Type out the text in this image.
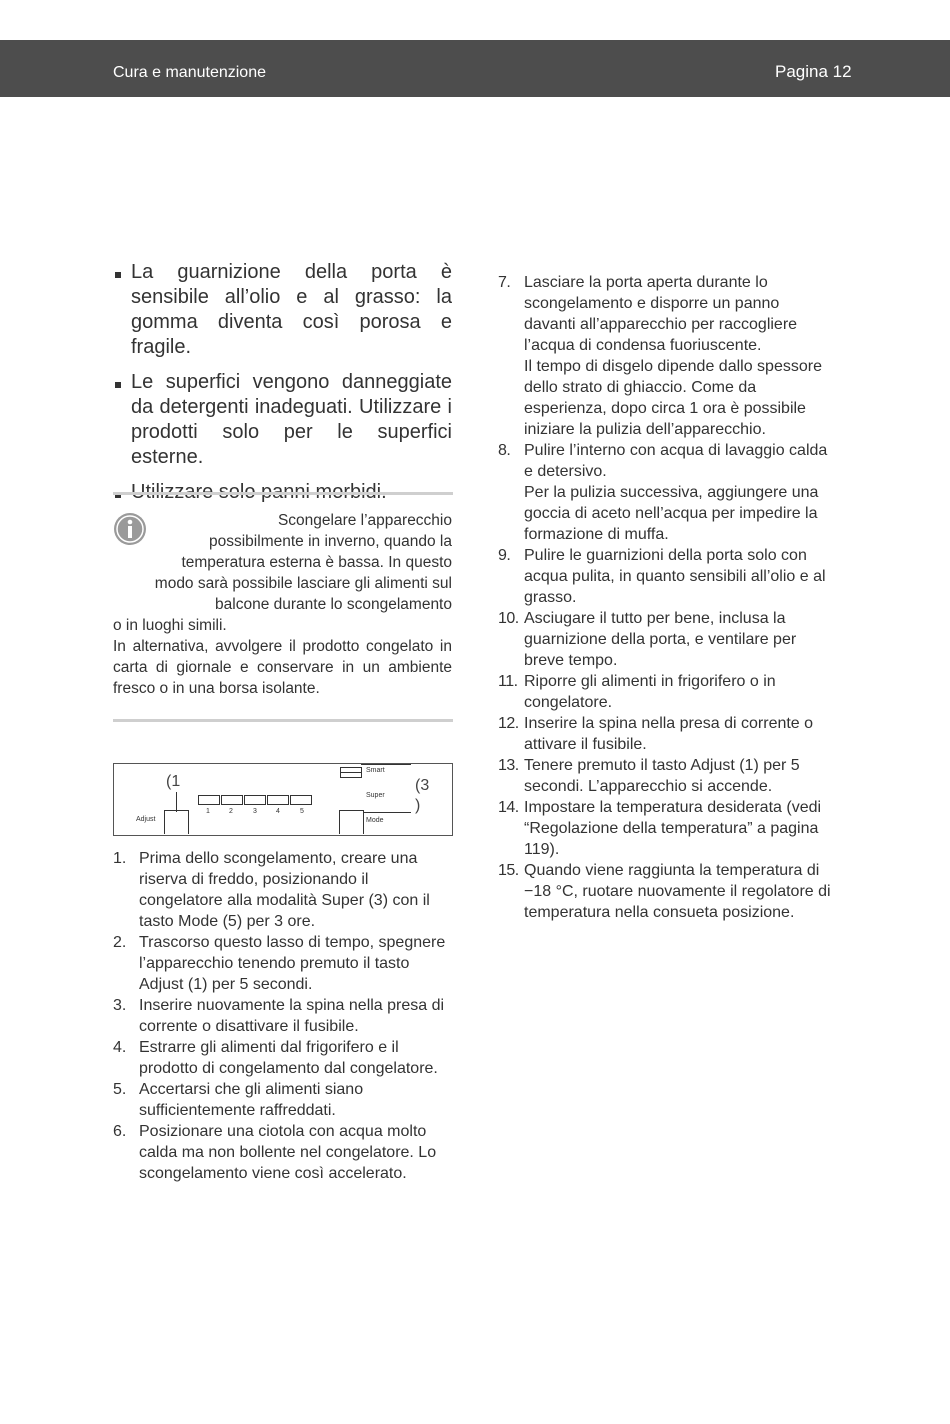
Cura e manutenzione	Pagina 12
La guarnizione della porta è sensibile all’olio e al grasso: la gomma diventa così porosa e fragile.
Le superfici vengono danneggiate da detergenti inadeguati. Utilizzare i prodotti solo per le superfici esterne.
Scongelare l’apparecchio
possibilmente in inverno, quando la
temperatura esterna è bassa. In questo
modo sarà possibile lasciare gli alimenti sul
balcone durante lo scongelamento
o in luoghi simili.
In alternativa, avvolgere il prodotto congelato in carta di giornale e conservare in un ambiente fresco o in una borsa isolante.
(1
Adjust
1	2	3	4	5
Smart
Super
Mode
(3
)
1. Prima dello scongelamento, creare una riserva di freddo, posizionando il congelatore alla modalità Super (3) con il tasto Mode (5) per 3 ore.
2. Trascorso questo lasso di tempo, spegnere l’apparecchio tenendo premuto il tasto Adjust (1) per 5 secondi.
3. Inserire nuovamente la spina nella presa di corrente o disattivare il fusibile.
4. Estrarre gli alimenti dal frigorifero e il prodotto di congelamento dal congelatore.
5. Accertarsi che gli alimenti siano sufficientemente raffreddati.
6. Posizionare una ciotola con acqua molto calda ma non bollente nel congelatore. Lo scongelamento viene così accelerato.
7. Lasciare la porta aperta durante lo scongelamento e disporre un panno davanti all’apparecchio per raccogliere l’acqua di condensa fuoriuscente.
Il tempo di disgelo dipende dallo spessore dello strato di ghiaccio. Come da esperienza, dopo circa 1 ora è possibile iniziare la pulizia dell’apparecchio.
8. Pulire l’interno con acqua di lavaggio calda e detersivo.
Per la pulizia successiva, aggiungere una goccia di aceto nell’acqua per impedire la formazione di muffa.
9. Pulire le guarnizioni della porta solo con acqua pulita, in quanto sensibili all’olio e al grasso.
10. Asciugare il tutto per bene, inclusa la guarnizione della porta, e ventilare per breve tempo.
11. Riporre gli alimenti in frigorifero o in congelatore.
12. Inserire la spina nella presa di corrente o attivare il fusibile.
13. Tenere premuto il tasto Adjust (1) per 5 secondi. L’apparecchio si accende.
14. Impostare la temperatura desiderata (vedi “Regolazione della temperatura” a pagina 119).
15. Quando viene raggiunta la temperatura di −18 °C, ruotare nuovamente il regolatore di temperatura nella consueta posizione.
